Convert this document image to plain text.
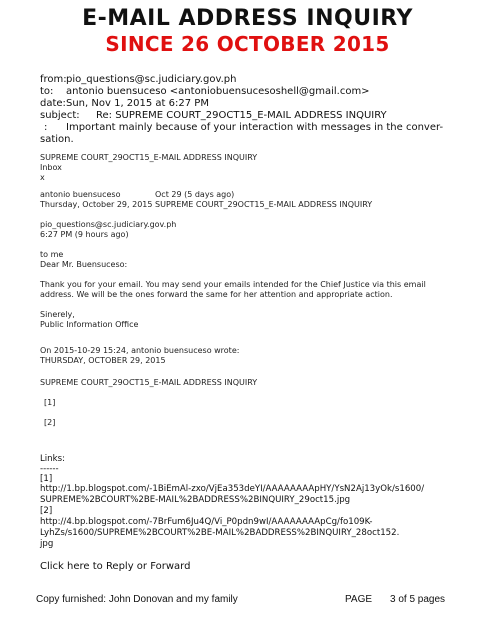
E-MAIL ADDRESS INQUIRY
SINCE 26 OCTOBER 2015
from: pio_questions@sc.judiciary.gov.ph
to: antonio buensuceso <antoniobuensucesoshell@gmail.com>
date: Sun, Nov 1, 2015 at 6:27 PM
subject: Re: SUPREME COURT_29OCT15_E-MAIL ADDRESS INQUIRY
: Important mainly because of your interaction with messages in the conver-
sation.
SUPREME COURT_29OCT15_E-MAIL ADDRESS INQUIRY
Inbox
x
antonio buensuceso	Oct 29 (5 days ago)
Thursday, October 29, 2015 SUPREME COURT_29OCT15_E-MAIL ADDRESS INQUIRY
pio_questions@sc.judiciary.gov.ph
6:27 PM (9 hours ago)
to me
Dear Mr. Buensuceso:
Thank you for your email. You may send your emails intended for the Chief Justice via this email
address. We will be the ones forward the same for her attention and appropriate action.
Sinerely,
Public Information Office
On 2015-10-29 15:24, antonio buensuceso wrote:
THURSDAY, OCTOBER 29, 2015
SUPREME COURT_29OCT15_E-MAIL ADDRESS INQUIRY
[1]
[2]
Links:
------
[1]
http://1.bp.blogspot.com/-1BiEmAl-zxo/VjEa353deYI/AAAAAAAApHY/YsN2Aj13yOk/s1600/
SUPREME%2BCOURT%2BE-MAIL%2BADDRESS%2BINQUIRY_29oct15.jpg
[2]
http://4.bp.blogspot.com/-7BrFum6Ju4Q/Vi_P0pdn9wI/AAAAAAAApCg/fo109K-
LyhZs/s1600/SUPREME%2BCOURT%2BE-MAIL%2BADDRESS%2BINQUIRY_28oct152.
jpg
Click here to Reply or Forward
Copy furnished: John Donovan and my family	PAGE 3 of 5 pages
